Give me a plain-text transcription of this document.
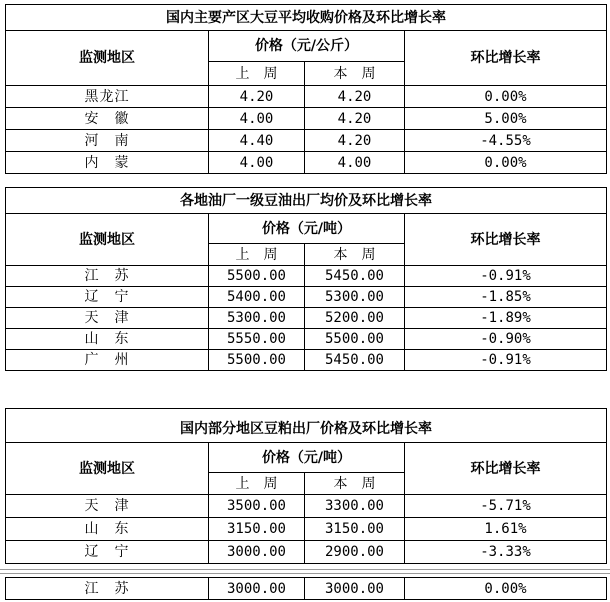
国内主要产区大豆平均收购价格及环比增长率			
监测地区	价格（元/公斤）		环比增长率
	上　周	本　周	
黑龙江	4.20	4.20	0.00%
安　徽	4.00	4.20	5.00%
河　南	4.40	4.20	-4.55%
内　蒙	4.00	4.00	0.00%
各地油厂一级豆油出厂均价及环比增长率			
监测地区	价格（元/吨）		环比增长率
	上　周	本　周	
江　苏	5500.00	5450.00	-0.91%
辽　宁	5400.00	5300.00	-1.85%
天　津	5300.00	5200.00	-1.89%
山　东	5550.00	5500.00	-0.90%
广　州	5500.00	5450.00	-0.91%

国内部分地区豆粕出厂价格及环比增长率			
监测地区	价格（元/吨）		环比增长率
	上　周	本　周	
天　津	3500.00	3300.00	-5.71%
山　东	3150.00	3150.00	1.61%
辽　宁	3000.00	2900.00	-3.33%
江　苏	3000.00	3000.00	0.00%
